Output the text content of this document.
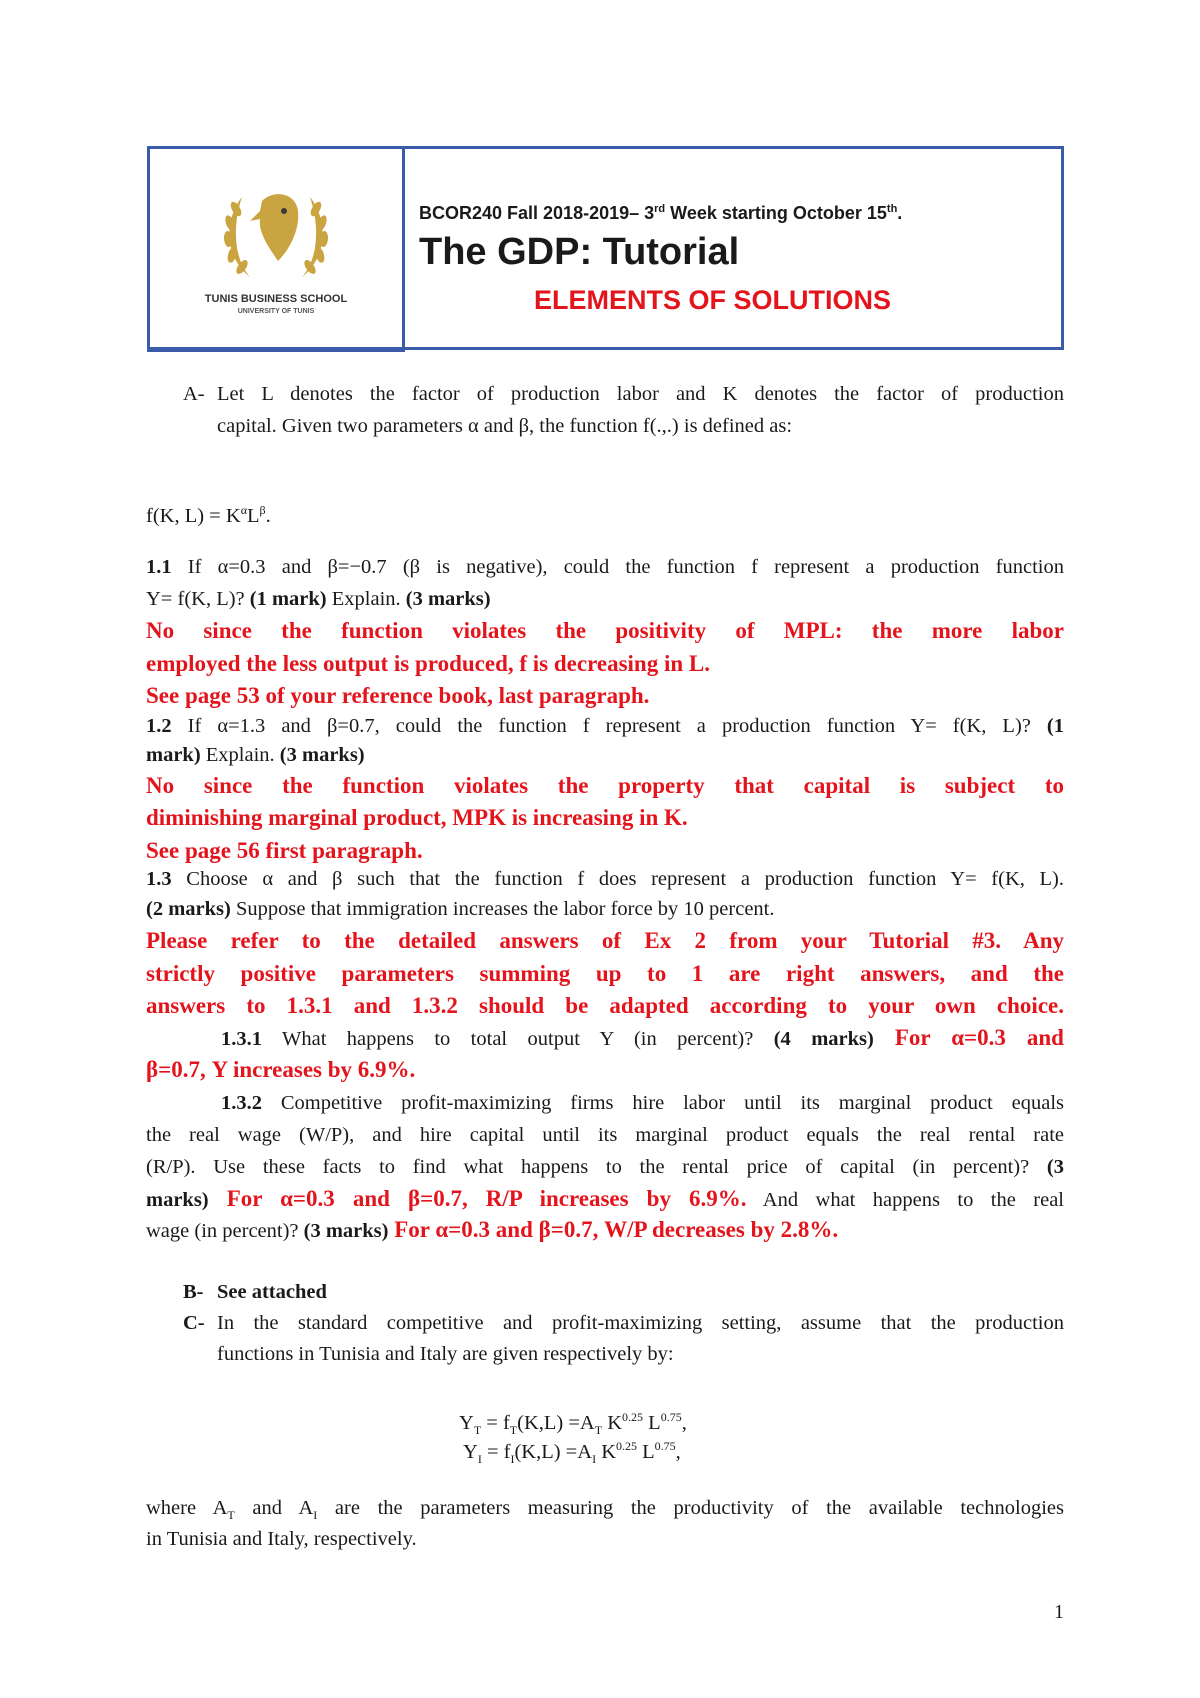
TUNIS BUSINESS SCHOOL
UNIVERSITY OF TUNIS
BCOR240 Fall 2018-2019– 3rd Week starting October 15th.
The GDP: Tutorial
ELEMENTS OF SOLUTIONS
A- Let L denotes the factor of production labor and K denotes the factor of production
capital. Given two parameters α and β, the function f(.,.) is defined as:
f(K, $L) = K^\alpha L^\beta$.
1.1 If α=0.3 and β=−0.7 (β is negative), could the function f represent a production function
Y= f(K, L)? (1 mark) Explain. (3 marks)
No since the function violates the positivity of MPL: the more labor
employed the less output is produced, f is decreasing in L.
See page 53 of your reference book, last paragraph.
1.2 If α=1.3 and β=0.7, could the function f represent a production function Y= f(K, L)? (1
mark) Explain. (3 marks)
No since the function violates the property that capital is subject to
diminishing marginal product, MPK is increasing in K.
See page 56 first paragraph.
1.3 Choose α and β such that the function f does represent a production function Y= f(K, L).
(2 marks) Suppose that immigration increases the labor force by 10 percent.
Please refer to the detailed answers of Ex 2 from your Tutorial #3. Any
strictly positive parameters summing up to 1 are right answers, and the
answers to 1.3.1 and 1.3.2 should be adapted according to your own choice.
1.3.1 What happens to total output Y (in percent)? (4 marks) For α=0.3 and
β=0.7, Y increases by 6.9%.
1.3.2 Competitive profit-maximizing firms hire labor until its marginal product equals
the real wage (W/P), and hire capital until its marginal product equals the real rental rate
(R/P). Use these facts to find what happens to the rental price of capital (in percent)? (3
marks) For α=0.3 and β=0.7, R/P increases by 6.9%. And what happens to the real
wage (in percent)? (3 marks) For α=0.3 and β=0.7, W/P decreases by 2.8%.
B- See attached
C- In the standard competitive and profit-maximizing setting, assume that the production
functions in Tunisia and Italy are given respectively by:
$Y_T = f_T(K,L) =A_T$ $K^{0.25}$ $L^{0.75}$,
$Y_I = f_I(K,L) =A_I$ $K^{0.25}$ $L^{0.75}$,
where $A_T$ and $A_I$ are the parameters measuring the productivity of the available technologies
in Tunisia and Italy, respectively.
1
